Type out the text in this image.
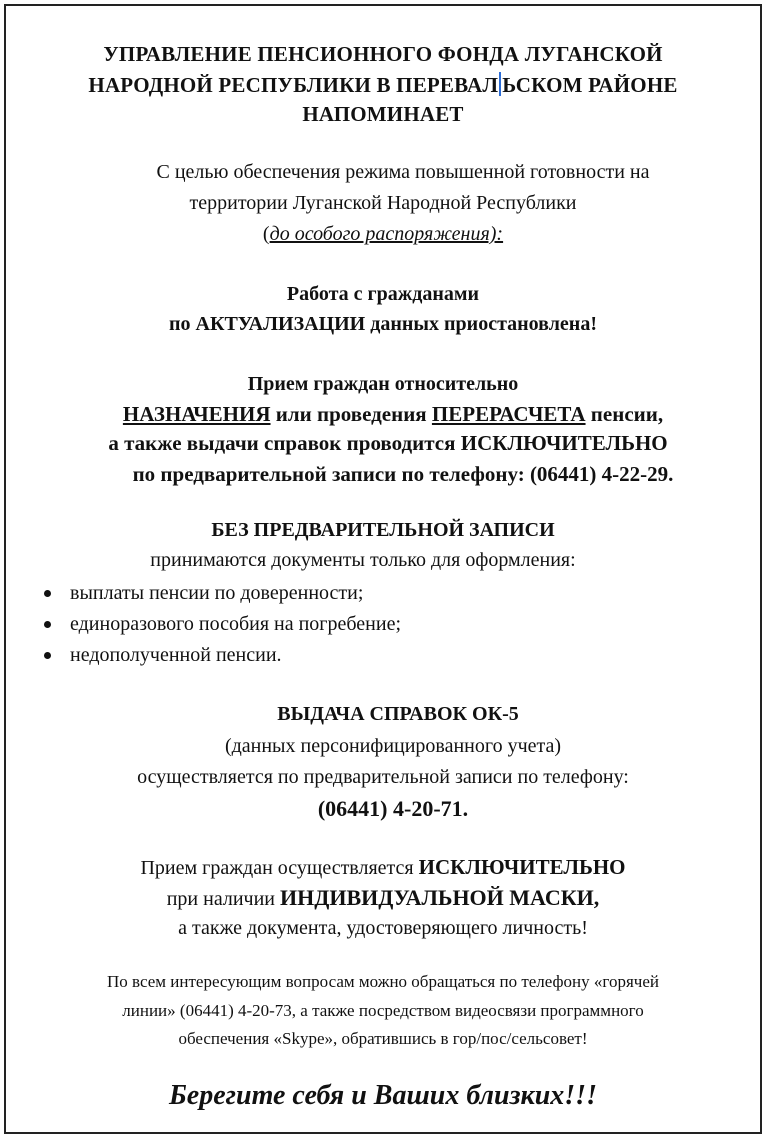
УПРАВЛЕНИЕ ПЕНСИОННОГО ФОНДА ЛУГАНСКОЙ
НАРОДНОЙ РЕСПУБЛИКИ В ПЕРЕВАЛ ЬСКОМ РАЙОНЕ
НАПОМИНАЕТ
С целью обеспечения режима повышенной готовности на
территории Луганской Народной Республики
(до особого распоряжения):
Работа с гражданами
по АКТУАЛИЗАЦИИ данных приостановлена!
Прием граждан относительно
НАЗНАЧЕНИЯ или проведения ПЕРЕРАСЧЕТА пенсии,
а также выдачи справок проводится ИСКЛЮЧИТЕЛЬНО
по предварительной записи по телефону: (06441) 4-22-29.
БЕЗ ПРЕДВАРИТЕЛЬНОЙ ЗАПИСИ
принимаются документы только для оформления:
выплаты пенсии по доверенности;
единоразового пособия на погребение;
недополученной пенсии.
ВЫДАЧА СПРАВОК ОК-5
(данных персонифицированного учета)
осуществляется по предварительной записи по телефону:
(06441) 4-20-71.
Прием граждан осуществляется ИСКЛЮЧИТЕЛЬНО
при наличии ИНДИВИДУАЛЬНОЙ МАСКИ,
а также документа, удостоверяющего личность!
По всем интересующим вопросам можно обращаться по телефону «горячей
линии» (06441) 4-20-73, а также посредством видеосвязи программного
обеспечения «Skype», обратившись в гор/пос/сельсовет!
Берегите себя и Ваших близких!!!
